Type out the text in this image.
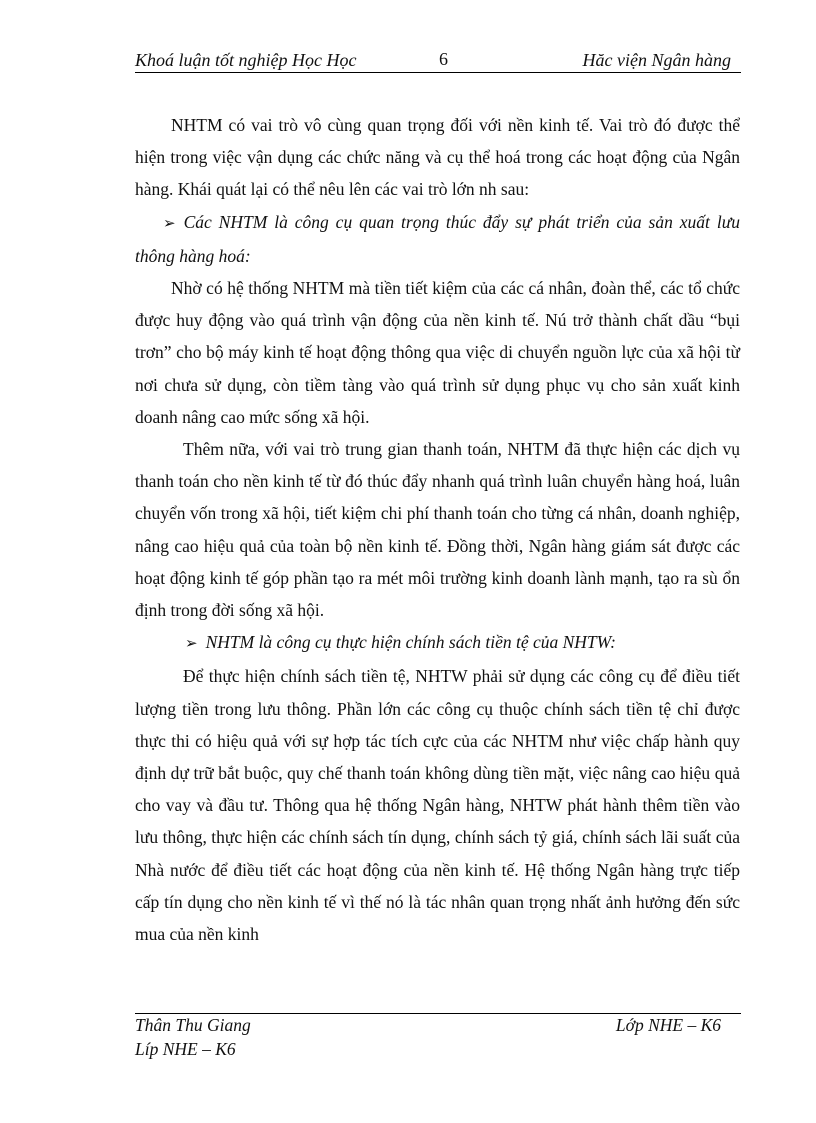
Khoá luận tốt nghiệp Học Học	6	Hăc viện Ngân hàng

NHTM có vai trò vô cùng quan trọng đối với nền kinh tế. Vai trò đó được thể hiện trong việc vận dụng các chức năng và cụ thể hoá trong các hoạt động của Ngân hàng. Khái quát lại có thể nêu lên các vai trò lớn nh sau:

➢ Các NHTM là công cụ quan trọng thúc đẩy sự phát triển của sản xuất lưu thông hàng hoá:

Nhờ có hệ thống NHTM mà tiền tiết kiệm của các cá nhân, đoàn thể, các tổ chức được huy động vào quá trình vận động của nền kinh tế. Nú trở thành chất dầu “bụi trơn” cho bộ máy kinh tế hoạt động thông qua việc di chuyển nguồn lực của xã hội từ nơi chưa sử dụng, còn tiềm tàng vào quá trình sử dụng phục vụ cho sản xuất kinh doanh nâng cao mức sống xã hội.

Thêm nữa, với vai trò trung gian thanh toán, NHTM đã thực hiện các dịch vụ thanh toán cho nền kinh tế từ đó thúc đẩy nhanh quá trình luân chuyển hàng hoá, luân chuyển vốn trong xã hội, tiết kiệm chi phí thanh toán cho từng cá nhân, doanh nghiệp, nâng cao hiệu quả của toàn bộ nền kinh tế. Đồng thời, Ngân hàng giám sát được các hoạt động kinh tế góp phần tạo ra mét môi trường kinh doanh lành mạnh, tạo ra sù ổn định trong đời sống xã hội.

➢ NHTM là công cụ thực hiện chính sách tiền tệ của NHTW:

Để thực hiện chính sách tiền tệ, NHTW phải sử dụng các công cụ để điều tiết lượng tiền trong lưu thông. Phần lớn các công cụ thuộc chính sách tiền tệ chỉ được thực thi có hiệu quả với sự hợp tác tích cực của các NHTM như việc chấp hành quy định dự trữ bắt buộc, quy chế thanh toán không dùng tiền mặt, việc nâng cao hiệu quả cho vay và đầu tư. Thông qua hệ thống Ngân hàng, NHTW phát hành thêm tiền vào lưu thông, thực hiện các chính sách tín dụng, chính sách tỷ giá, chính sách lãi suất của Nhà nước để điều tiết các hoạt động của nền kinh tế. Hệ thống Ngân hàng trực tiếp cấp tín dụng cho nền kinh tế vì thế nó là tác nhân quan trọng nhất ảnh hưởng đến sức mua của nền kinh

Thân Thu Giang	Lớp NHE – K6
Líp NHE – K6
